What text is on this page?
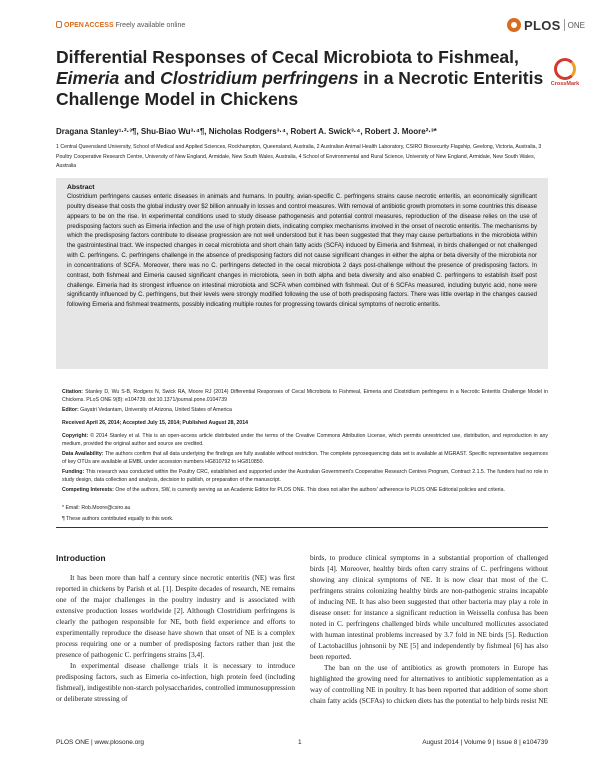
OPEN ACCESS Freely available online	PLOS ONE
Differential Responses of Cecal Microbiota to Fishmeal, Eimeria and Clostridium perfringens in a Necrotic Enteritis Challenge Model in Chickens
CrossMark
Dragana Stanley¹·²·³¶, Shu-Biao Wu³·⁴¶, Nicholas Rodgers³·⁴, Robert A. Swick³·⁴, Robert J. Moore²·³*
1 Central Queensland University, School of Medical and Applied Sciences, Rockhampton, Queensland, Australia, 2 Australian Animal Health Laboratory, CSIRO Biosecurity Flagship, Geelong, Victoria, Australia, 3 Poultry Cooperative Research Centre, University of New England, Armidale, New South Wales, Australia, 4 School of Environmental and Rural Science, University of New England, Armidale, New South Wales, Australia
Abstract
Clostridium perfringens causes enteric diseases in animals and humans. In poultry, avian-specific C. perfringens strains cause necrotic enteritis, an economically significant poultry disease that costs the global industry over $2 billion annually in losses and control measures. With removal of antibiotic growth promoters in some countries this disease appears to be on the rise. In experimental conditions used to study disease pathogenesis and potential control measures, reproduction of the disease relies on the use of predisposing factors such as Eimeria infection and the use of high protein diets, indicating complex mechanisms involved in the onset of necrotic enteritis. The mechanisms by which the predisposing factors contribute to disease progression are not well understood but it has been suggested that they may cause perturbations in the microbiota within the gastrointestinal tract. We inspected changes in cecal microbiota and short chain fatty acids (SCFA) induced by Eimeria and fishmeal, in birds challenged or not challenged with C. perfringens. C. perfringens challenge in the absence of predisposing factors did not cause significant changes in either the alpha or beta diversity of the microbiota nor in concentrations of SCFA. Moreover, there was no C. perfringens detected in the cecal microbiota 2 days post-challenge without the presence of predisposing factors. In contrast, both fishmeal and Eimeria caused significant changes in microbiota, seen in both alpha and beta diversity and also enabled C. perfringens to establish itself post challenge. Eimeria had its strongest influence on intestinal microbiota and SCFA when combined with fishmeal. Out of 6 SCFAs measured, including butyric acid, none were significantly influenced by C. perfringens, but their levels were strongly modified following the use of both predisposing factors. There was little overlap in the changes caused following Eimeria and fishmeal treatments, possibly indicating multiple routes for progressing towards clinical symptoms of necrotic enteritis.
Citation: Stanley D, Wu S-B, Rodgers N, Swick RA, Moore RJ (2014) Differential Responses of Cecal Microbiota to Fishmeal, Eimeria and Clostridium perfringens in a Necrotic Enteritis Challenge Model in Chickens. PLoS ONE 9(8): e104739. doi:10.1371/journal.pone.0104739
Editor: Gayatri Vedantam, University of Arizona, United States of America
Received April 26, 2014; Accepted July 15, 2014; Published August 28, 2014
Copyright: © 2014 Stanley et al. This is an open-access article distributed under the terms of the Creative Commons Attribution License, which permits unrestricted use, distribution, and reproduction in any medium, provided the original author and source are credited.
Data Availability: The authors confirm that all data underlying the findings are fully available without restriction. The complete pyrosequencing data set is available at MGRAST. Specific representative sequences of key OTUs are available at EMBL under accession numbers HG810792 to HG810850.
Funding: This research was conducted within the Poultry CRC, established and supported under the Australian Government's Cooperative Research Centres Program, Contract 2.1.5. The funders had no role in study design, data collection and analysis, decision to publish, or preparation of the manuscript.
Competing Interests: One of the authors, SW, is currently serving as an Academic Editor for PLOS ONE. This does not alter the authors' adherence to PLOS ONE Editorial policies and criteria.
* Email: Rob.Moore@csiro.au
¶ These authors contributed equally to this work.
Introduction

It has been more than half a century since necrotic enteritis (NE) was first reported in chickens by Parish et al. [1]. Despite decades of research, NE remains one of the major challenges in the poultry industry and is associated with extensive production losses worldwide [2]. Although Clostridium perfringens is clearly the pathogen responsible for NE, both field experience and efforts to experimentally reproduce the disease have shown that onset of NE is a complex process requiring one or a number of predisposing factors rather than just the presence of pathogenic C. perfringens strains [3,4].

In experimental disease challenge trials it is necessary to introduce predisposing factors, such as Eimeria co-infection, high protein feed (including fishmeal), indigestible non-starch polysaccharides, controlled immunosuppression or deliberate stressing of

birds, to produce clinical symptoms in a substantial proportion of challenged birds [4]. Moreover, healthy birds often carry strains of C. perfringens without showing any clinical symptoms of NE. It is now clear that most of the C. perfringens strains colonizing healthy birds are non-pathogenic strains incapable of inducing NE. It has also been suggested that other bacteria may play a role in disease onset: for instance a significant reduction in Weissella confusa has been noted in C. perfringens challenged birds while uncultured mollicutes associated with human intestinal problems increased by 3.7 fold in NE birds [5]. Reduction of Lactobacillus johnsonii by NE [5] and independently by fishmeal [6] has also been reported.

The ban on the use of antibiotics as growth promoters in Europe has highlighted the growing need for alternatives to antibiotic supplementation as a way of controlling NE in poultry. It has been reported that addition of some short chain fatty acids (SCFAs) to chicken diets has the potential to help birds resist NE

PLOS ONE | www.plosone.org	1	August 2014 | Volume 9 | Issue 8 | e104739
